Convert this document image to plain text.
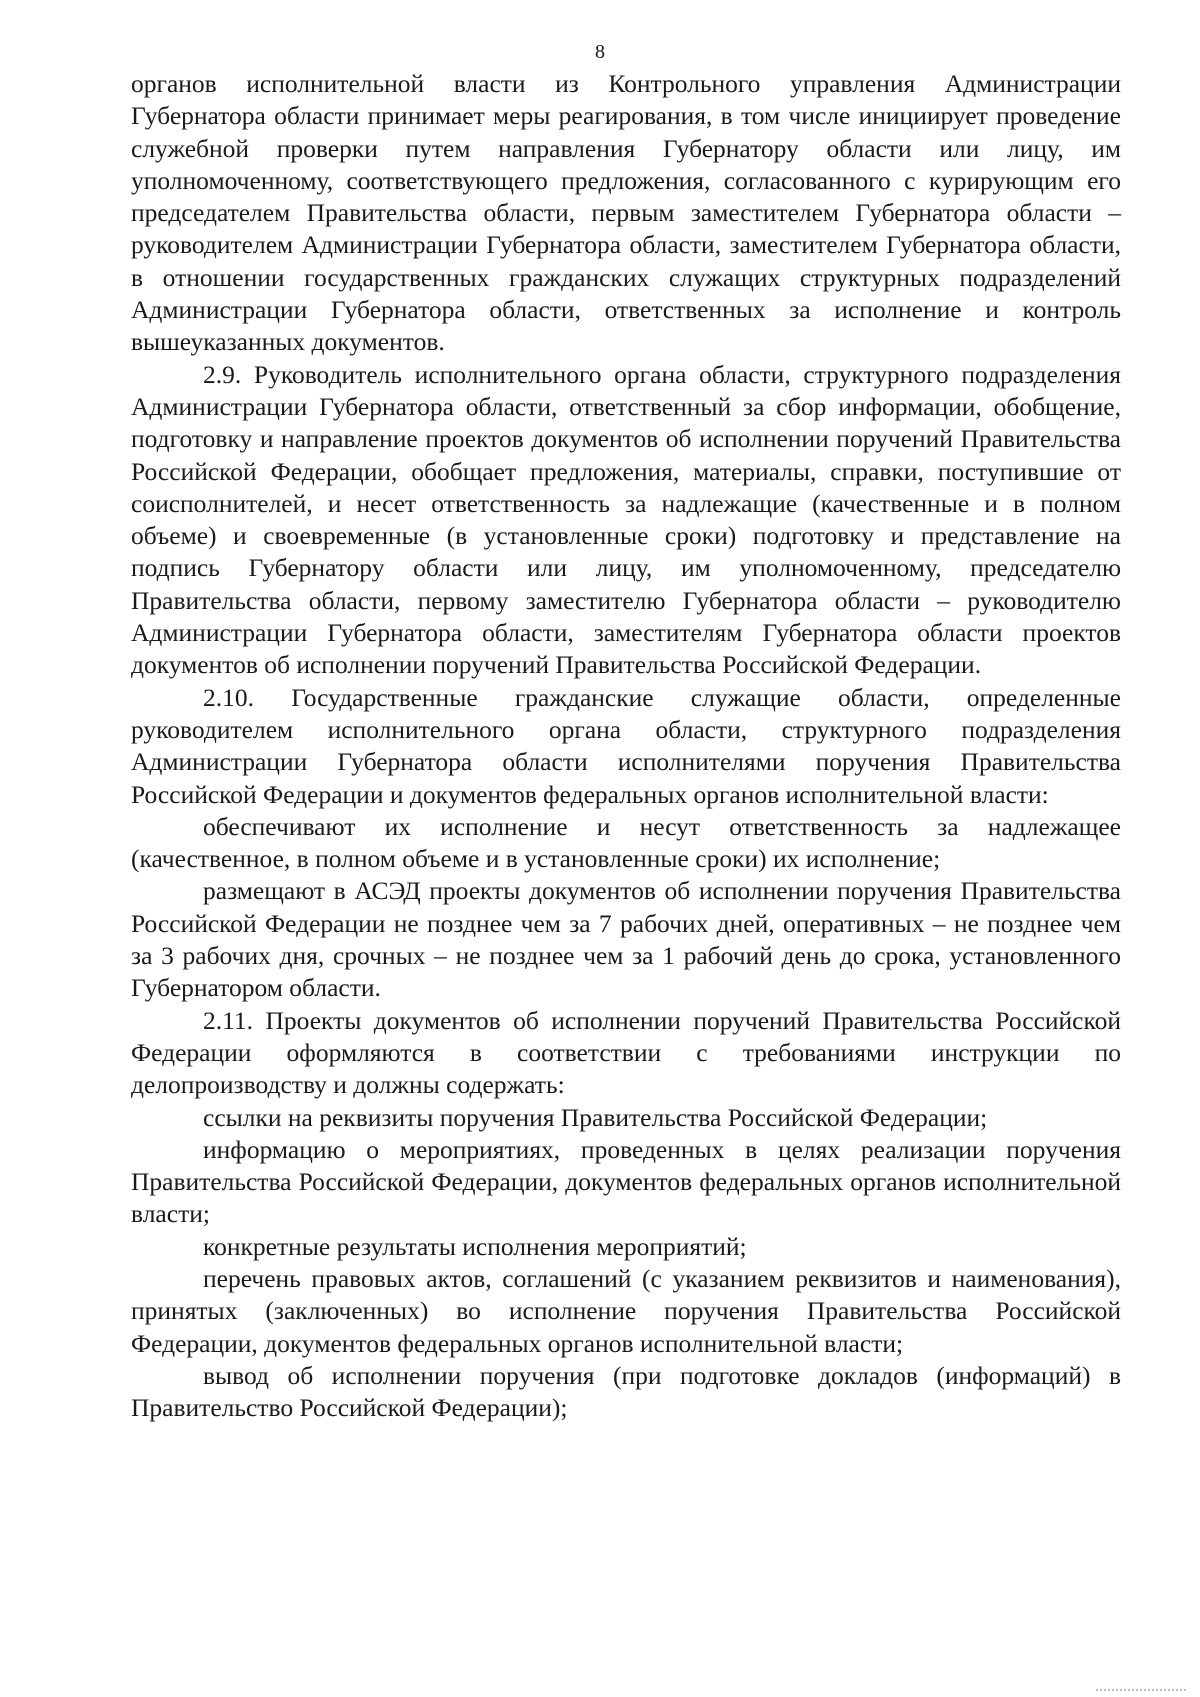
8

органов исполнительной власти из Контрольного управления Администрации Губернатора области принимает меры реагирования, в том числе инициирует проведение служебной проверки путем направления Губернатору области или лицу, им уполномоченному, соответствующего предложения, согласованного с курирующим его председателем Правительства области, первым заместителем Губернатора области – руководителем Администрации Губернатора области, заместителем Губернатора области, в отношении государственных гражданских служащих структурных подразделений Администрации Губернатора области, ответственных за исполнение и контроль вышеуказанных документов.

2.9. Руководитель исполнительного органа области, структурного подразделения Администрации Губернатора области, ответственный за сбор информации, обобщение, подготовку и направление проектов документов об исполнении поручений Правительства Российской Федерации, обобщает предложения, материалы, справки, поступившие от соисполнителей, и несет ответственность за надлежащие (качественные и в полном объеме) и своевременные (в установленные сроки) подготовку и представление на подпись Губернатору области или лицу, им уполномоченному, председателю Правительства области, первому заместителю Губернатора области – руководителю Администрации Губернатора области, заместителям Губернатора области проектов документов об исполнении поручений Правительства Российской Федерации.

2.10. Государственные гражданские служащие области, определенные руководителем исполнительного органа области, структурного подразделения Администрации Губернатора области исполнителями поручения Правительства Российской Федерации и документов федеральных органов исполнительной власти:

обеспечивают их исполнение и несут ответственность за надлежащее (качественное, в полном объеме и в установленные сроки) их исполнение;

размещают в АСЭД проекты документов об исполнении поручения Правительства Российской Федерации не позднее чем за 7 рабочих дней, оперативных – не позднее чем за 3 рабочих дня, срочных – не позднее чем за 1 рабочий день до срока, установленного Губернатором области.

2.11. Проекты документов об исполнении поручений Правительства Российской Федерации оформляются в соответствии с требованиями инструкции по делопроизводству и должны содержать:

ссылки на реквизиты поручения Правительства Российской Федерации;

информацию о мероприятиях, проведенных в целях реализации поручения Правительства Российской Федерации, документов федеральных органов исполнительной власти;

конкретные результаты исполнения мероприятий;

перечень правовых актов, соглашений (с указанием реквизитов и наименования), принятых (заключенных) во исполнение поручения Правительства Российской Федерации, документов федеральных органов исполнительной власти;

вывод об исполнении поручения (при подготовке докладов (информаций) в Правительство Российской Федерации);
